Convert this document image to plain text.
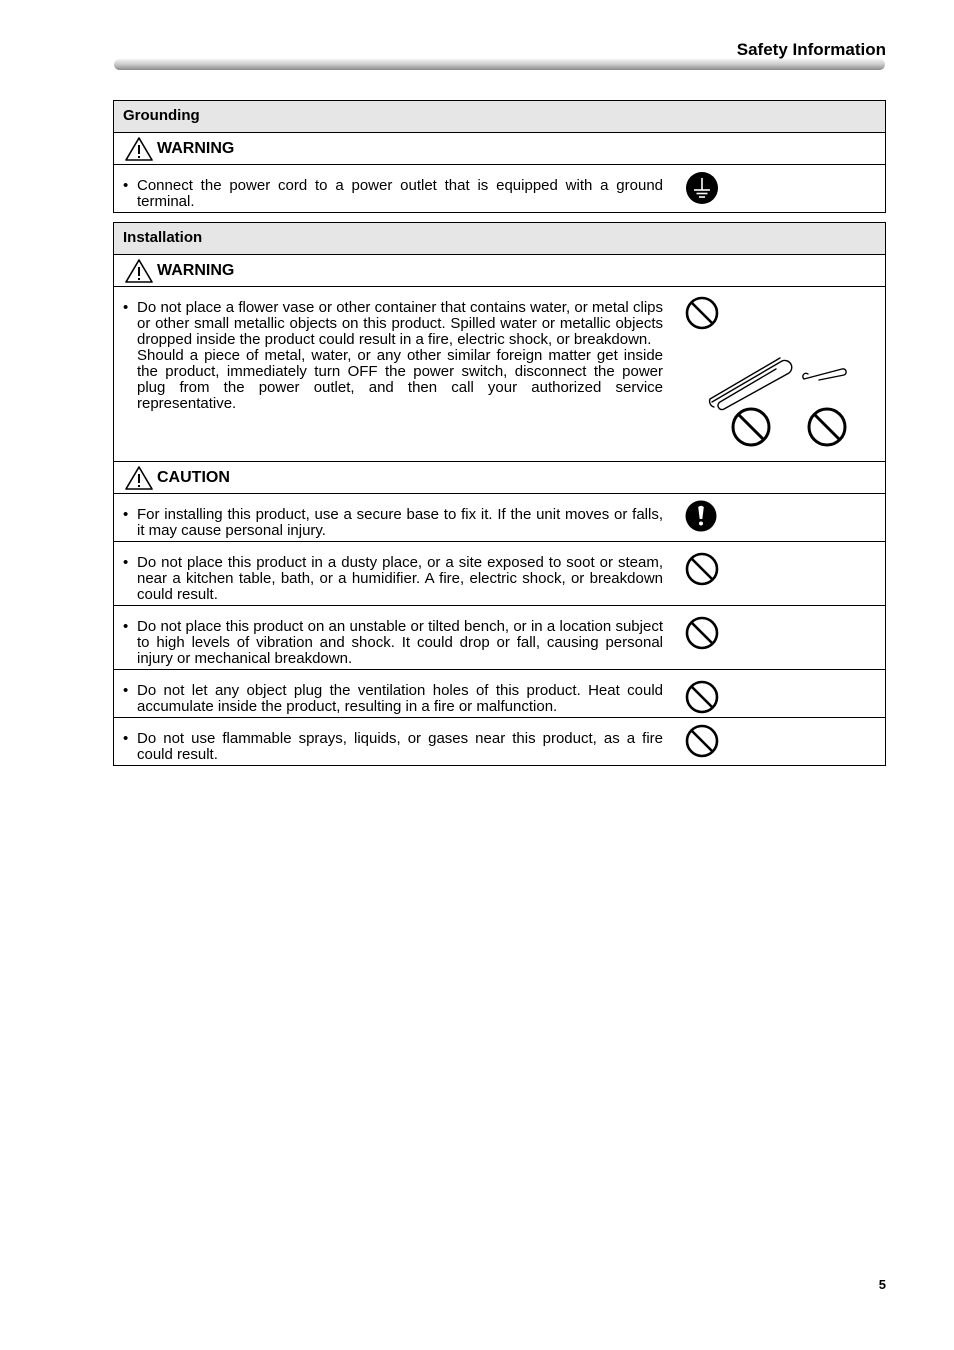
Safety Information
Grounding
WARNING
• Connect the power cord to a power outlet that is equipped with a ground terminal.

Installation
WARNING
• Do not place a flower vase or other container that contains water, or metal clips or other small metallic objects on this product. Spilled water or metallic objects dropped inside the product could result in a fire, electric shock, or breakdown.

Should a piece of metal, water, or any other similar foreign matter get inside the product, immediately turn OFF the power switch, disconnect the power plug from the power outlet, and then call your authorized service representative.

CAUTION
• For installing this product, use a secure base to fix it. If the unit moves or falls, it may cause personal injury.

• Do not place this product in a dusty place, or a site exposed to soot or steam, near a kitchen table, bath, or a humidifier. A fire, electric shock, or breakdown could result.

• Do not place this product on an unstable or tilted bench, or in a location subject to high levels of vibration and shock. It could drop or fall, causing personal injury or mechanical breakdown.

• Do not let any object plug the ventilation holes of this product. Heat could accumulate inside the product, resulting in a fire or malfunction.

• Do not use flammable sprays, liquids, or gases near this product, as a fire could result.

5
